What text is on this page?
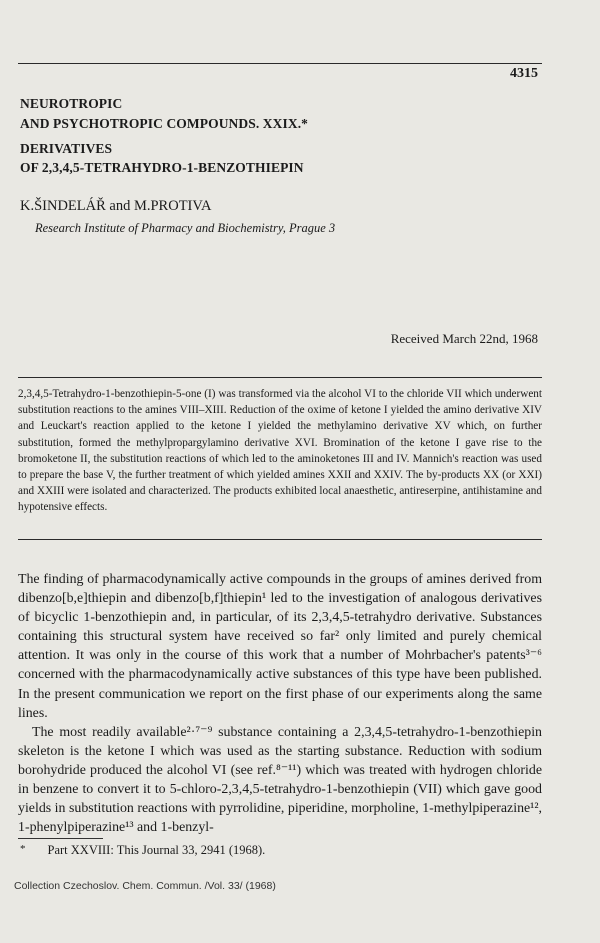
4315
NEUROTROPIC
AND PSYCHOTROPIC COMPOUNDS. XXIX.*
DERIVATIVES
OF 2,3,4,5-TETRAHYDRO-1-BENZOTHIEPIN
K.ŠINDELÁŘ and M.PROTIVA
Research Institute of Pharmacy and Biochemistry, Prague 3
Received March 22nd, 1968
2,3,4,5-Tetrahydro-1-benzothiepin-5-one (I) was transformed via the alcohol VI to the chloride VII which underwent substitution reactions to the amines VIII–XIII. Reduction of the oxime of ketone I yielded the amino derivative XIV and Leuckart's reaction applied to the ketone I yielded the methylamino derivative XV which, on further substitution, formed the methylpropargylamino derivative XVI. Bromination of the ketone I gave rise to the bromoketone II, the substitution reactions of which led to the aminoketones III and IV. Mannich's reaction was used to prepare the base V, the further treatment of which yielded amines XXII and XXIV. The by-products XX (or XXI) and XXIII were isolated and characterized. The products exhibited local anaesthetic, antireserpine, antihistamine and hypotensive effects.

The finding of pharmacodynamically active compounds in the groups of amines derived from dibenzo[b,e]thiepin and dibenzo[b,f]thiepin¹ led to the investigation of analogous derivatives of bicyclic 1-benzothiepin and, in particular, of its 2,3,4,5-tetrahydro derivative. Substances containing this structural system have received so far² only limited and purely chemical attention. It was only in the course of this work that a number of Mohrbacher's patents³⁻⁶ concerned with the pharmacodynamically active substances of this type have been published. In the present communication we report on the first phase of our experiments along the same lines.

The most readily available²·⁷⁻⁹ substance containing a 2,3,4,5-tetrahydro-1-benzothiepin skeleton is the ketone I which was used as the starting substance. Reduction with sodium borohydride produced the alcohol VI (see ref.⁸⁻¹¹) which was treated with hydrogen chloride in benzene to convert it to 5-chloro-2,3,4,5-tetrahydro-1-benzothiepin (VII) which gave good yields in substitution reactions with pyrrolidine, piperidine, morpholine, 1-methylpiperazine¹², 1-phenylpiperazine¹³ and 1-benzyl-

* Part XXVIII: This Journal 33, 2941 (1968).
Collection Czechoslov. Chem. Commun. /Vol. 33/ (1968)
